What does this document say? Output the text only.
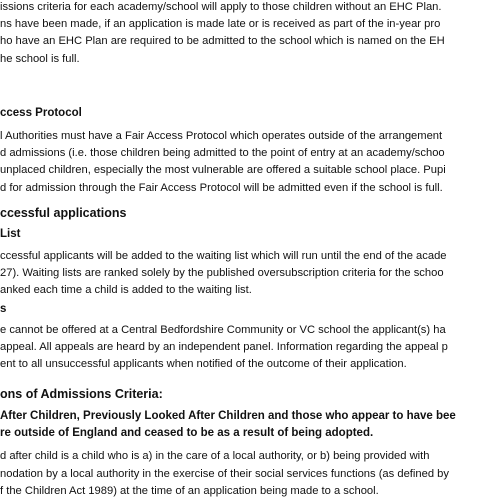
issions criteria for each academy/school will apply to those children without an EHC Plan.
ns have been made, if an application is made late or is received as part of the in-year pro
ho have an EHC Plan are required to be admitted to the school which is named on the EH
he school is full.
ccess Protocol
l Authorities must have a Fair Access Protocol which operates outside of the arrangement
d admissions (i.e. those children being admitted to the point of entry at an academy/schoo
unplaced children, especially the most vulnerable are offered a suitable school place. Pupi
d for admission through the Fair Access Protocol will be admitted even if the school is full.
ccessful applications
List
ccessful applicants will be added to the waiting list which will run until the end of the acade
27). Waiting lists are ranked solely by the published oversubscription criteria for the schoo
anked each time a child is added to the waiting list.
s
e cannot be offered at a Central Bedfordshire Community or VC school the applicant(s) ha
appeal. All appeals are heard by an independent panel. Information regarding the appeal p
ent to all unsuccessful applicants when notified of the outcome of their application.
ons of Admissions Criteria:
After Children, Previously Looked After Children and those who appear to have bee
re outside of England and ceased to be as a result of being adopted.
d after child is a child who is a) in the care of a local authority, or b) being provided with
nodation by a local authority in the exercise of their social services functions (as defined by
f the Children Act 1989) at the time of an application being made to a school.
